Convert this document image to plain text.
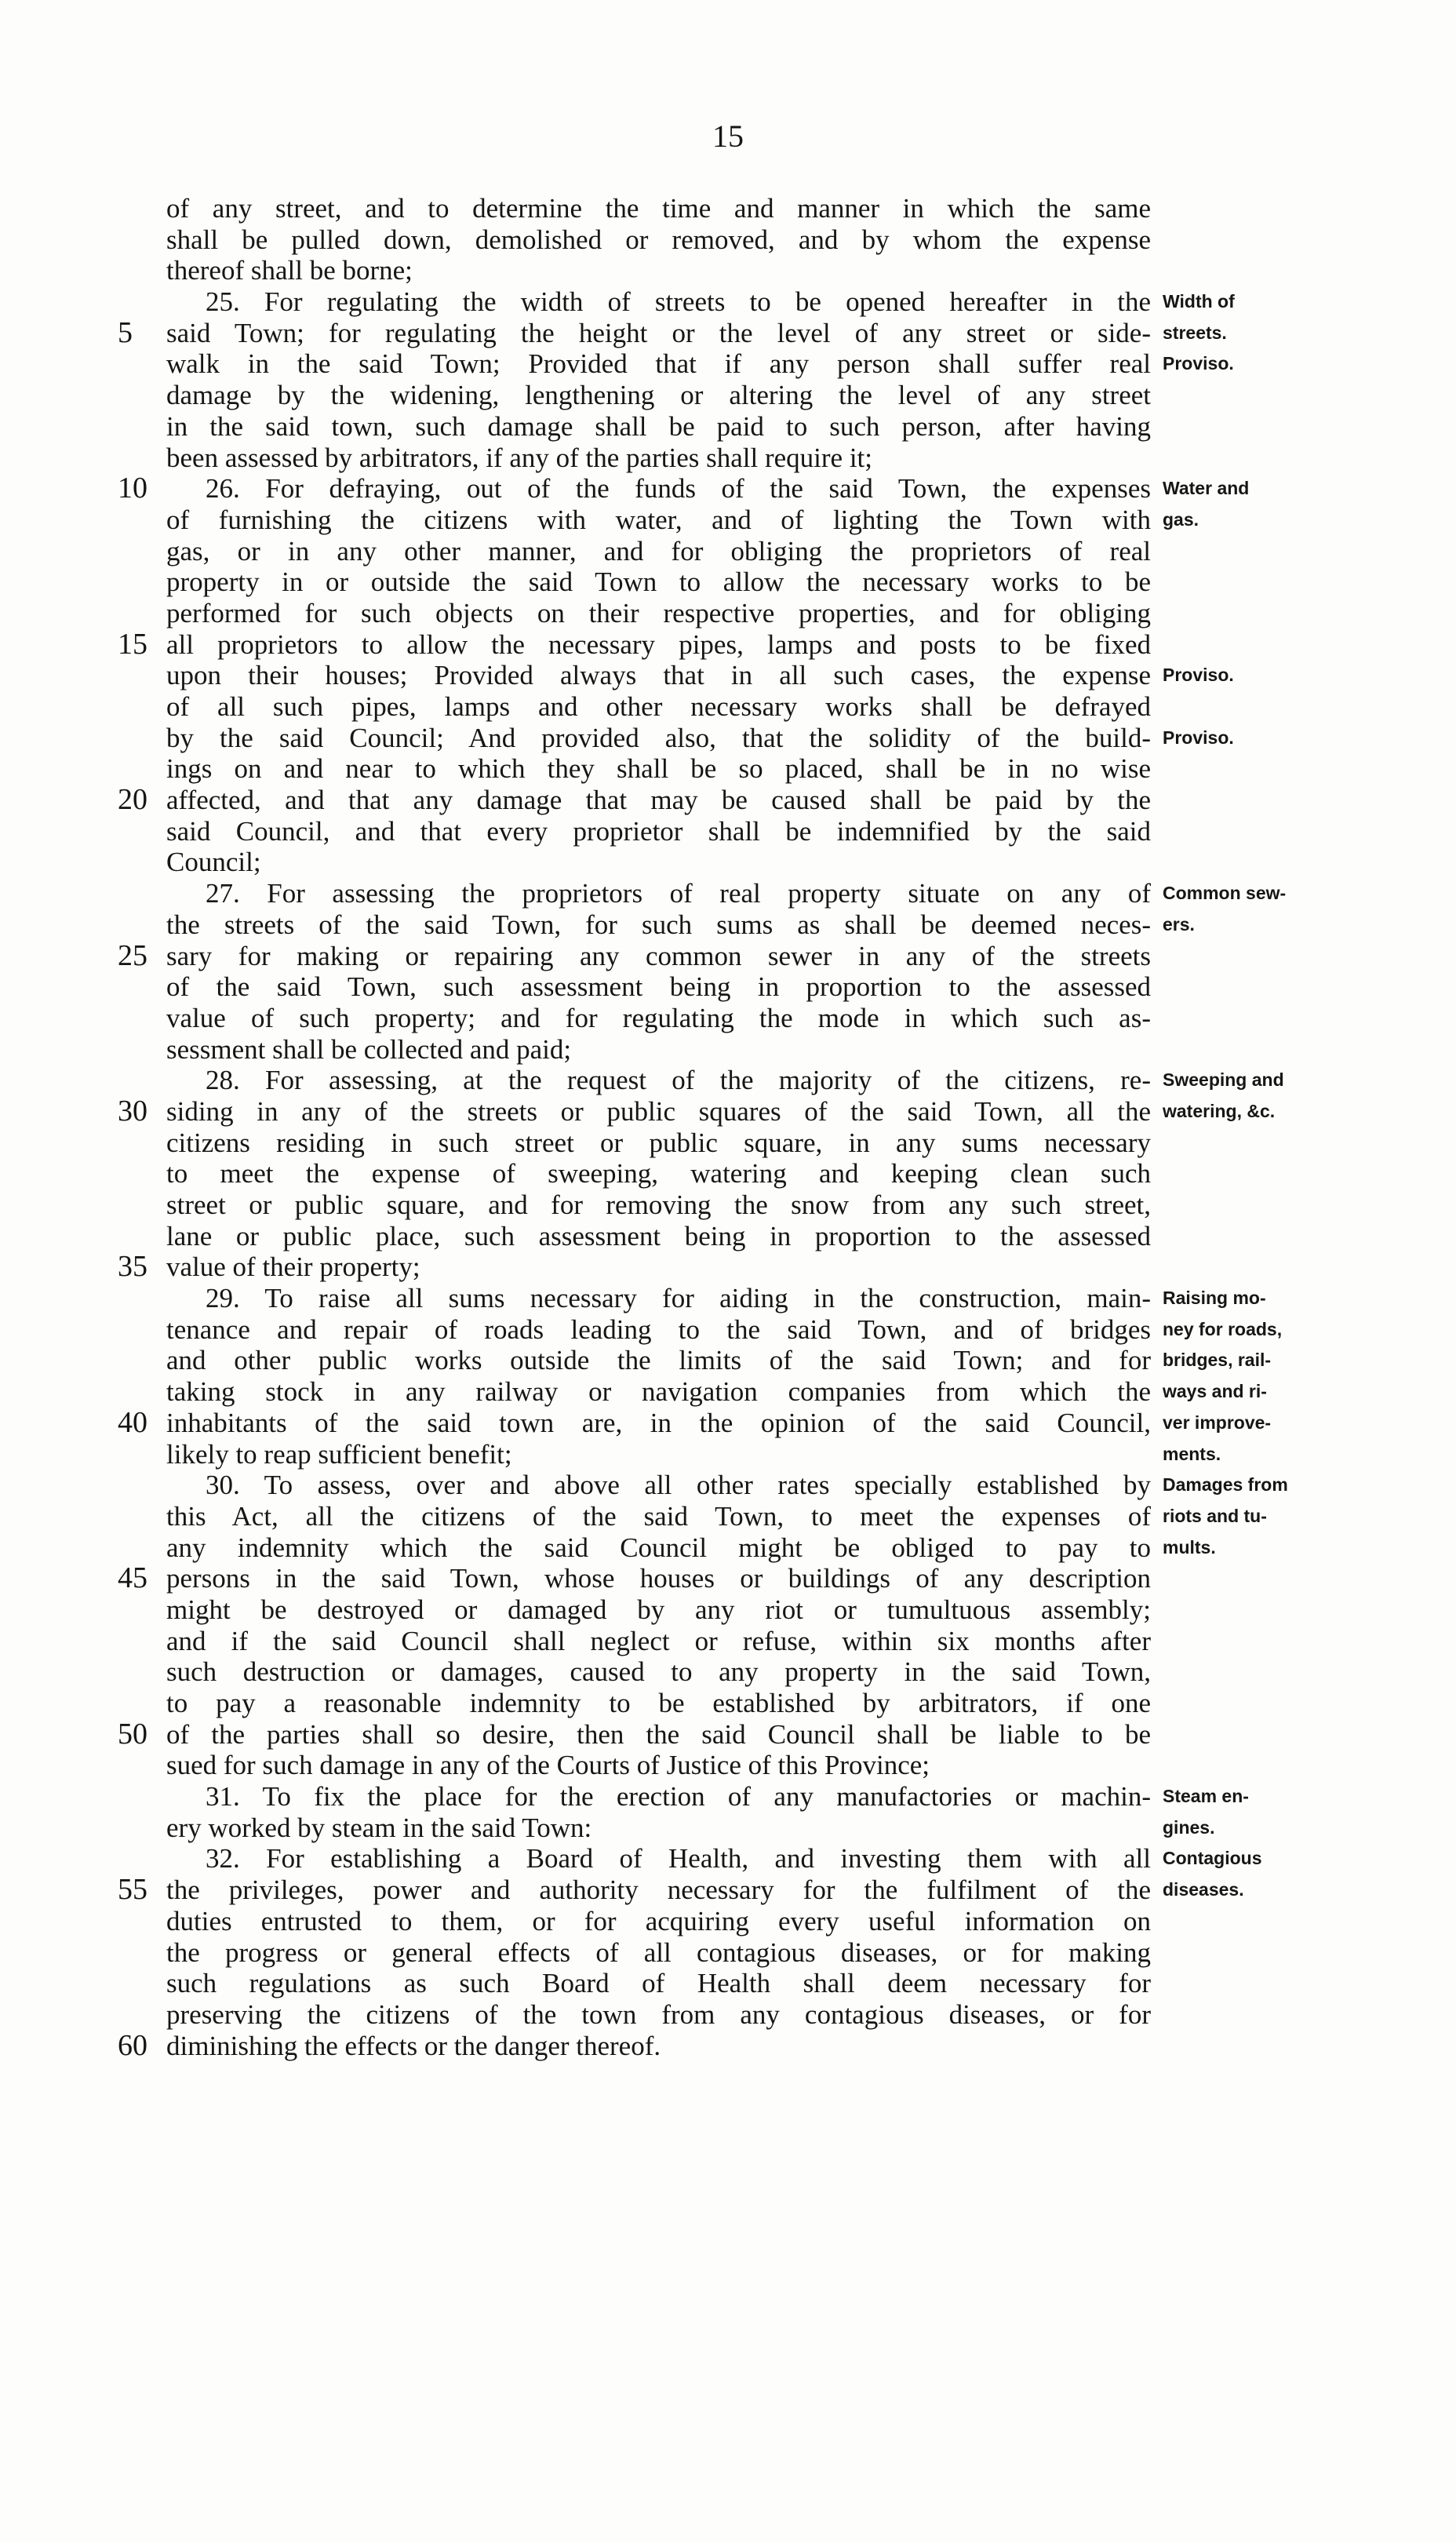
15
of any street, and to determine the time and manner in which the same
shall be pulled down, demolished or removed, and by whom the expense
thereof shall be borne;
25. For regulating the width of streets to be opened hereafter in the Width of
5	said Town; for regulating the height or the level of any street or side- streets.
walk in the said Town; Provided that if any person shall suffer real Proviso.
damage by the widening, lengthening or altering the level of any street
in the said town, such damage shall be paid to such person, after having
been assessed by arbitrators, if any of the parties shall require it;
10	26. For defraying, out of the funds of the said Town, the expenses Water and
of furnishing the citizens with water, and of lighting the Town with gas.
gas, or in any other manner, and for obliging the proprietors of real
property in or outside the said Town to allow the necessary works to be
performed for such objects on their respective properties, and for obliging
15 all proprietors to allow the necessary pipes, lamps and posts to be fixed
upon their houses; Provided always that in all such cases, the expense Proviso.
of all such pipes, lamps and other necessary works shall be defrayed
by the said Council; And provided also, that the solidity of the build- Proviso.
ings on and near to which they shall be so placed, shall be in no wise
20 affected, and that any damage that may be caused shall be paid by the
said Council, and that every proprietor shall be indemnified by the said
Council;
27. For assessing the proprietors of real property situate on any of Common sew-
the streets of the said Town, for such sums as shall be deemed neces- ers.
25 sary for making or repairing any common sewer in any of the streets
of the said Town, such assessment being in proportion to the assessed
value of such property; and for regulating the mode in which such as-
sessment shall be collected and paid;
28. For assessing, at the request of the majority of the citizens, re- Sweeping and
30 siding in any of the streets or public squares of the said Town, all the watering, &c.
citizens residing in such street or public square, in any sums necessary
to meet the expense of sweeping, watering and keeping clean such
street or public square, and for removing the snow from any such street,
lane or public place, such assessment being in proportion to the assessed
35 value of their property;
29. To raise all sums necessary for aiding in the construction, main- Raising mo-
tenance and repair of roads leading to the said Town, and of bridges ney for roads,
and other public works outside the limits of the said Town; and for bridges, rail-
taking stock in any railway or navigation companies from which the ways and ri-
40 inhabitants of the said town are, in the opinion of the said Council, ver improve-
likely to reap sufficient benefit;	ments.
30. To assess, over and above all other rates specially established by Damages from
this Act, all the citizens of the said Town, to meet the expenses of riots and tu-
any indemnity which the said Council might be obliged to pay to mults.
45 persons in the said Town, whose houses or buildings of any description
might be destroyed or damaged by any riot or tumultuous assembly;
and if the said Council shall neglect or refuse, within six months after
such destruction or damages, caused to any property in the said Town,
to pay a reasonable indemnity to be established by arbitrators, if one
50 of the parties shall so desire, then the said Council shall be liable to be
sued for such damage in any of the Courts of Justice of this Province;
31. To fix the place for the erection of any manufactories or machin- Steam en-
ery worked by steam in the said Town:	gines.
32. For establishing a Board of Health, and investing them with all Contagious
55 the privileges, power and authority necessary for the fulfilment of the diseases.
duties entrusted to them, or for acquiring every useful information on
the progress or general effects of all contagious diseases, or for making
such regulations as such Board of Health shall deem necessary for
preserving the citizens of the town from any contagious diseases, or for
60 diminishing the effects or the danger thereof.
